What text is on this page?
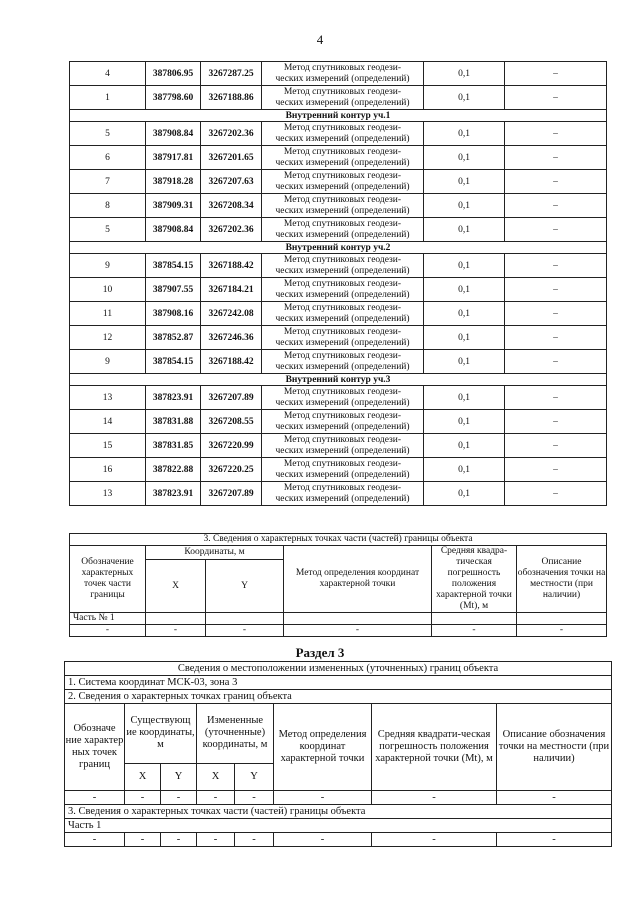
4
4	387806.95	3267287.25	Метод спутниковых геодези-
ческих измерений (определений)	0,1	–
1	387798.60	3267188.86	Метод спутниковых геодези-
ческих измерений (определений)	0,1	–
Внутренний контур уч.1					
5	387908.84	3267202.36	Метод спутниковых геодези-
ческих измерений (определений)	0,1	–
6	387917.81	3267201.65	Метод спутниковых геодези-
ческих измерений (определений)	0,1	–
7	387918.28	3267207.63	Метод спутниковых геодези-
ческих измерений (определений)	0,1	–
8	387909.31	3267208.34	Метод спутниковых геодези-
ческих измерений (определений)	0,1	–
5	387908.84	3267202.36	Метод спутниковых геодези-
ческих измерений (определений)	0,1	–
Внутренний контур уч.2					
9	387854.15	3267188.42	Метод спутниковых геодези-
ческих измерений (определений)	0,1	–
10	387907.55	3267184.21	Метод спутниковых геодези-
ческих измерений (определений)	0,1	–
11	387908.16	3267242.08	Метод спутниковых геодези-
ческих измерений (определений)	0,1	–
12	387852.87	3267246.36	Метод спутниковых геодези-
ческих измерений (определений)	0,1	–
9	387854.15	3267188.42	Метод спутниковых геодези-
ческих измерений (определений)	0,1	–
Внутренний контур уч.3					
13	387823.91	3267207.89	Метод спутниковых геодези-
ческих измерений (определений)	0,1	–
14	387831.88	3267208.55	Метод спутниковых геодези-
ческих измерений (определений)	0,1	–
15	387831.85	3267220.99	Метод спутниковых геодези-
ческих измерений (определений)	0,1	–
16	387822.88	3267220.25	Метод спутниковых геодези-
ческих измерений (определений)	0,1	–
13	387823.91	3267207.89	Метод спутниковых геодези-
ческих измерений (определений)	0,1	–
3. Сведения о характерных точках части (частей) границы объекта					
Обозначение характерных точек части границы	Координаты, м		Метод определения координат характерной точки	Средняя квадра-тическая погрешность положения характерной точки (Mt), м	Описание обозначения точки на местности (при наличии)
	X	Y			
Часть № 1					
-	-	-	-	-	-
Раздел 3
Сведения о местоположении измененных (уточненных) границ объекта							
1. Система координат МСК-03, зона 3							
2. Сведения о характерных точках границ объекта							
Обозначе ние характер ных точек границ	Существующ ие координаты, м		Измененные (уточненные) координаты, м		Метод определения координат характерной точки	Средняя квадрати-ческая погрешность положения характерной точки (Mt), м	Описание обозначения точки на местности (при наличии)
	X	Y	X	Y			
-	-	-	-	-	-	-	-
3. Сведения о характерных точках части (частей) границы объекта							
Часть 1							
-	-	-	-	-	-	-	-
